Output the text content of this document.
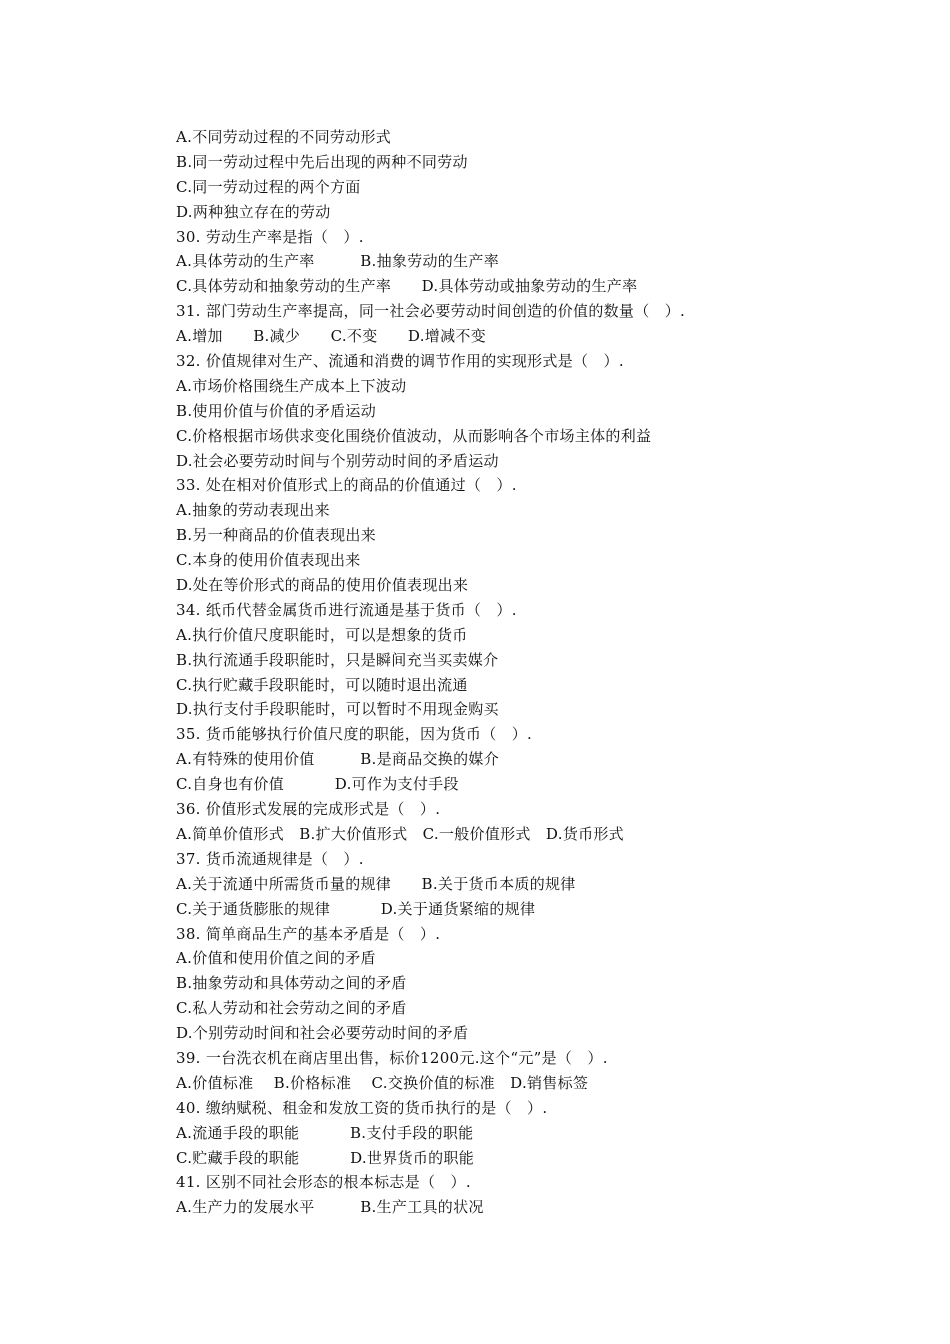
A.不同劳动过程的不同劳动形式
B.同一劳动过程中先后出现的两种不同劳动
C.同一劳动过程的两个方面
D.两种独立存在的劳动
30. 劳动生产率是指（   ）.
A.具体劳动的生产率         B.抽象劳动的生产率
C.具体劳动和抽象劳动的生产率      D.具体劳动或抽象劳动的生产率
31. 部门劳动生产率提高，同一社会必要劳动时间创造的价值的数量（   ）.
A.增加      B.减少      C.不变      D.增减不变
32. 价值规律对生产、流通和消费的调节作用的实现形式是（   ）.
A.市场价格围绕生产成本上下波动
B.使用价值与价值的矛盾运动
C.价格根据市场供求变化围绕价值波动，从而影响各个市场主体的利益
D.社会必要劳动时间与个别劳动时间的矛盾运动
33. 处在相对价值形式上的商品的价值通过（   ）.
A.抽象的劳动表现出来
B.另一种商品的价值表现出来
C.本身的使用价值表现出来
D.处在等价形式的商品的使用价值表现出来
34. 纸币代替金属货币进行流通是基于货币（   ）.
A.执行价值尺度职能时，可以是想象的货币
B.执行流通手段职能时，只是瞬间充当买卖媒介
C.执行贮藏手段职能时，可以随时退出流通
D.执行支付手段职能时，可以暂时不用现金购买
35. 货币能够执行价值尺度的职能，因为货币（   ）.
A.有特殊的使用价值         B.是商品交换的媒介
C.自身也有价值          D.可作为支付手段
36. 价值形式发展的完成形式是（   ）.
A.简单价值形式   B.扩大价值形式   C.一般价值形式   D.货币形式
37. 货币流通规律是（   ）.
A.关于流通中所需货币量的规律      B.关于货币本质的规律
C.关于通货膨胀的规律          D.关于通货紧缩的规律
38. 简单商品生产的基本矛盾是（   ）.
A.价值和使用价值之间的矛盾
B.抽象劳动和具体劳动之间的矛盾
C.私人劳动和社会劳动之间的矛盾
D.个别劳动时间和社会必要劳动时间的矛盾
39. 一台洗衣机在商店里出售，标价1200元.这个“元”是（   ）.
A.价值标准    B.价格标准    C.交换价值的标准   D.销售标签
40. 缴纳赋税、租金和发放工资的货币执行的是（   ）.
A.流通手段的职能          B.支付手段的职能
C.贮藏手段的职能          D.世界货币的职能
41. 区别不同社会形态的根本标志是（   ）.
A.生产力的发展水平         B.生产工具的状况
